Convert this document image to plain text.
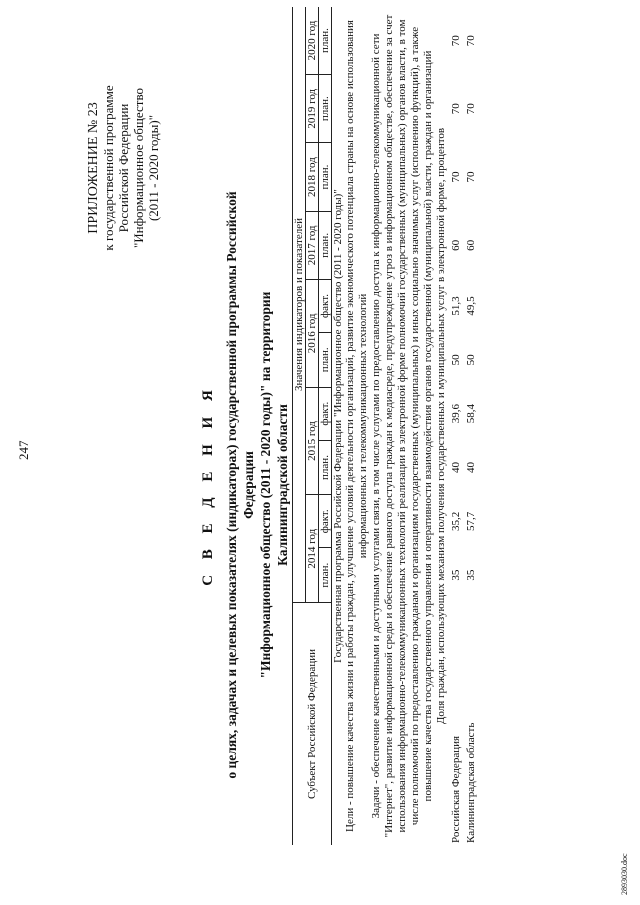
247
ПРИЛОЖЕНИЕ № 23 к государственной программе Российской Федерации "Информационное общество (2011 - 2020 годы)"
С В Е Д Е Н И Я о целях, задачах и целевых показателях (индикаторах) государственной программы Российской Федерации "Информационное общество (2011 - 2020 годы)" на территории Калининградской области
Субъект Российской Федерации	Значения индикаторов и показателей									
	2014 год		2015 год		2016 год		2017 год	2018 год	2019 год	2020 год
	план.	факт.	план.	факт.	план.	факт.	план.	план.	план.	план.
Государственная программа Российской Федерации "Информационное общество (2011 - 2020 годы)"										
Цели - повышение качества жизни и работы граждан, улучшение условий деятельности организаций, развитие экономического потенциала страны на основе использования информационных и телекоммуникационных технологий										
Задачи - обеспечение качественными и доступными услугами связи, в том числе услугами по предоставлению доступа к информационно-телекоммуникационной сети "Интернет", развитие информационной среды и обеспечение равного доступа граждан к медиасреде, предупреждение угроз в информационном обществе, обеспечение за счет использования информационно-телекоммуникационных технологий реализации в электронной форме полномочий государственных (муниципальных) органов власти, в том числе полномочий по предоставлению гражданам и организациям государственных (муниципальных) и иных социально значимых услуг (исполнению функций), а также повышение качества государственного управления и оперативности взаимодействия органов государственной (муниципальной) власти, граждан и организаций										
Доля граждан, использующих механизм получения государственных и муниципальных услуг в электронной форме, процентов										
Российская Федерация	35	35,2	40	39,6	50	51,3	60	70	70	70
Калининградская область	35	57,7	40	58,4	50	49,5	60	70	70	70
2893030.doc
